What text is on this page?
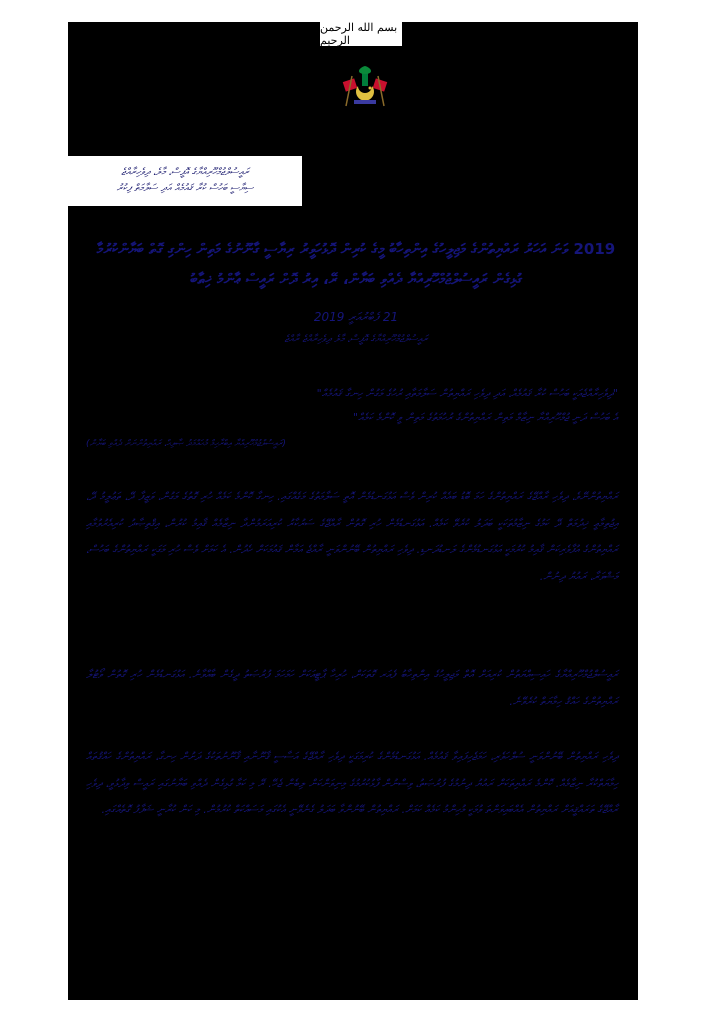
بسم الله الرحمن الرحيم
ރައީސުލްޖުމްހޫރިއްޔާގެ އޮފީސް، މާލެ، ދިވެހިރާއްޖެ
ސިޔާސީ ބަހުސް ކުރާ ޤައުމެއް އަދި ސަލާމަތް ފިކުރު
2019 ވަނަ އަހަރު ރައްޔިތުންގެ މަޖިލީހުގެ އިންތިހާބު މީގެ ކުރިން ދޮޅުހަވީރު ރިޔާސީ ގާނޫނުގެ މަތިން ހިންގި ގޮތް ބަޔާންކުރުމާ ގުޅިގެން ރައީސުލްޖުމްހޫރިއްޔާ ދެއްވި ބަޔާން، ރޭ، އިރު ދޮށް ރައީސް ޢާންމު ޚިޠާބު
21 ފެބްރުއަރީ 2019
ރައީސުލްޖުމްހޫރިއްޔާގެ އޮފީސް، މާލެ ދިވެހިރާއްޖެ ރާއްޖެ
"ދިވެހިރާއްޖެއަކީ ބަހުސް ކުރާ ޤައުމެއް، އަދި ދިވެހި ރައްޔިތުން ސަލާމަތާއި ރުހުގެ މަގުން ހިނގާ ޤައުމެއް"
އެ ބަހުސް ދަނީ ޖުމްހޫރިއްޔާ ނިޒާމް މަތިން ރައްޔިތުންގެ ރުހުމަތުގެ މަތިން ވީ ކޮންމެ ކަމެއް"
(ރައީސުލްޖުމްހޫރިއްޔާ އިބްރާހިމް މުޙައްމަދު ޞާލިޙް، ރައްޔިތުންނަށް ދެއްވި ބަޔާން)
ރައްޔިތުންނޭވެ، ދިވެހި ރާއްޖޭގެ ރައްޔިތުންގެ ހަމަ ބޮޑު ބައެއް ކުރިން ވެސް އަޅުގަނޑުމެން އޮތީ ސަލާމަތުގެ މަގެއްގައި. ހިނގާ ކޮންމެ ކަމެއް ހުރި ގޮތުގެ މަގުން، ވަޒީފާ ދޭ، ތަޢުލީމު ދޭ، އިޖުތިމާޢީ ޚިދުމަތް ދޭ ކަމުގެ ނިޒާމުތަކަކީ ބަދަލު ކުރެވޭ ކަމެއް. އަޅުގަނޑުމެން ހުރި ގޮތުން ރާއްޖޭގެ ސަރުކާރު ކުރިއަރަމުންދާ ނިޒާމެއް ޤާއިމު ކުރުން، އިޤްތިޞާދު ކުރިއެރުވުމާއި ރައްޔިތުންގެ އުފާވެރިކަން ޤާއިމު ކުރުމަކީ އަޅުގަނޑުމެންގެ ލަނޑުދަނޑި. ދިވެހި ރައްޔިތުން ބޭނުންވަނީ ރާއްޖެ އަމާން ޤައުމަކަށް ހެދުން. އެ ކަމަށް ވެސް ހުރި މަގަކީ ރައްޔިތުންގެ ބަހުސް، މަޝްވަރާ، ރައުޔު ދިނުން.
ރައީސުލްޖުމްހޫރިއްޔާގެ ހައިސިއްޔަތުން ކުރިއަށް އޮތް މަޖިލީހުގެ އިންތިހާބު ފެއަރ ގޮތަކަށް، ހުރިހާ ޕާޓީއަކަށް ހަމަހަމަ ފުރުޞަތު ދީގެން ބާއްވާނެ. އަޅުގަނޑުމެން ހުރި ގޮތުން ވޯޓުލާ ރައްޔިތުންގެ ހައްޤު ހިމާޔަތް ކުރެވޭނެ.
ދިވެހި ރައްޔިތުން ބޭނުންވަނީ ސުލްހަވެރި، ހަމަޖެހިފައިވާ ޤައުމެއް. އަޅުގަނޑުމެންގެ ކުރިމަގަކީ ދިވެހި ރާއްޖޭގެ އަސާސީ ޤާނޫނާއި ޤާނޫނުތަކުގެ ދަށުން ހިނގާ، ރައްޔިތުންގެ ހައްޤުތައް ހިމާޔަތްކުރާ ނިޒާމެއް. ކޮންމެ ރައްޔިތަކަށް ރައުޔު ދިނުމުގެ ފުރުޞަތު، ވިސްނުން ފާޅުކުރުމުގެ މިނިވަންކަން ލިބެން ޖެހޭ. ރޭ މި ކަމާ ގުޅިގެން ދެއްވި ބަޔާނުގައި ރައީސް ވިދާޅުވީ، ދިވެހި ރާއްޖޭގެ ތަރައްޤީއަށް ރައްޔިތުން އެއްބައިވަންތަ ވުމަކީ މުހިންމު ކަމެއް ކަމަށް. ރައްޔިތުން ބޭނުންވާ ބަދަލު ގެނެވޭނީ އެކުގައި މަސައްކަތް ކުރުމުން. މި ކަން ކުރާނީ ޝަފާފު ގޮތެއްގައި.
